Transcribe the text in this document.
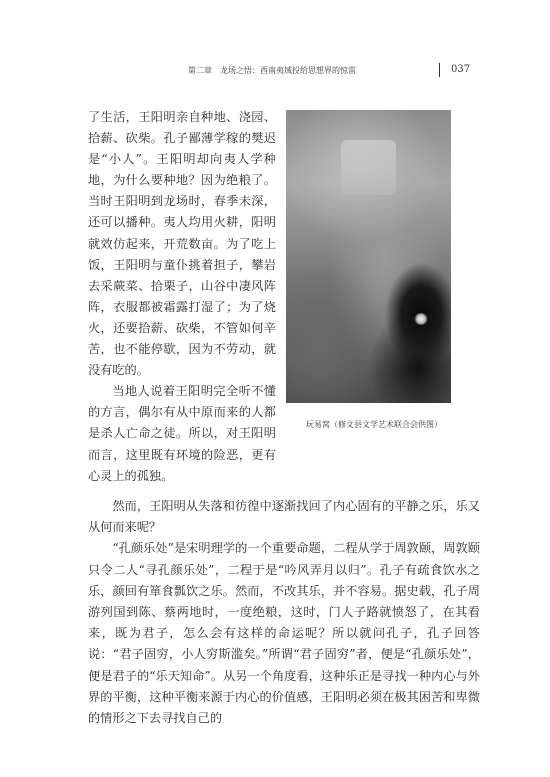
第二章　龙场之悟：西南夷域投给思想界的惊雷	037

了生活，王阳明亲自种地、浇园、拾薪、砍柴。孔子鄙薄学稼的樊迟是“小人”。王阳明却向夷人学种地，为什么要种地？因为绝粮了。当时王阳明到龙场时，春季未深，还可以播种。夷人均用火耕，阳明就效仿起来，开荒数亩。为了吃上饭，王阳明与童仆挑着担子，攀岩去采蕨菜、拾栗子，山谷中凄风阵阵，衣服都被霜露打湿了；为了烧火，还要拾薪、砍柴，不管如何辛苦，也不能停歇，因为不劳动，就没有吃的。

当地人说着王阳明完全听不懂的方言，偶尔有从中原而来的人都是杀人亡命之徒。所以，对王阳明而言，这里既有环境的险恶，更有心灵上的孤独。

玩易窝（修文县文学艺术联合会供图）

然而，王阳明从失落和彷徨中逐渐找回了内心固有的平静之乐，乐又从何而来呢？

“孔颜乐处”是宋明理学的一个重要命题，二程从学于周敦颐，周敦颐只令二人“寻孔颜乐处”，二程于是“吟风弄月以归”。孔子有疏食饮水之乐，颜回有箪食瓢饮之乐。然而，不改其乐，并不容易。据史载，孔子周游列国到陈、蔡两地时，一度绝粮，这时，门人子路就愤怒了，在其看来，既为君子，怎么会有这样的命运呢？所以就问孔子，孔子回答说：“君子固穷，小人穷斯滥矣。”所谓“君子固穷”者，便是“孔颜乐处”，便是君子的“乐天知命”。从另一个角度看，这种乐正是寻找一种内心与外界的平衡，这种平衡来源于内心的价值感，王阳明必须在极其困苦和卑微的情形之下去寻找自己的
